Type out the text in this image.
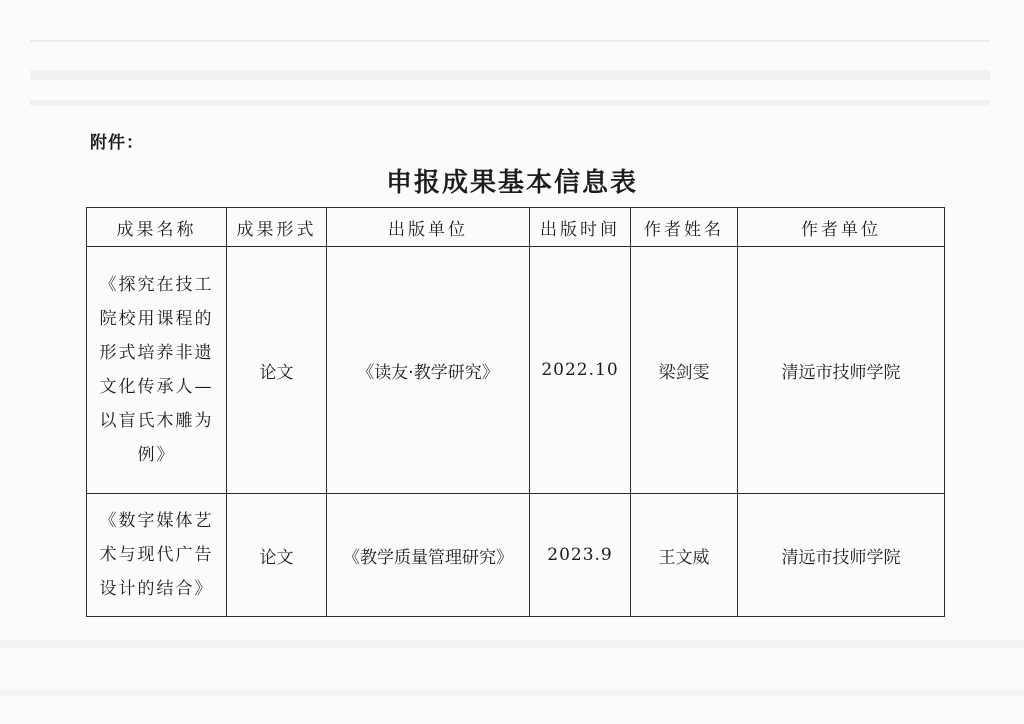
附件：
申报成果基本信息表
成果名称	成果形式	出版单位	出版时间	作者姓名	作者单位
《探究在技工院校用课程的形式培养非遗文化传承人—以盲氏木雕为例》	论文	《读友·教学研究》	2022.10	梁剑雯	清远市技师学院
《数字媒体艺术与现代广告设计的结合》	论文	《教学质量管理研究》	2023.9	王文威	清远市技师学院
